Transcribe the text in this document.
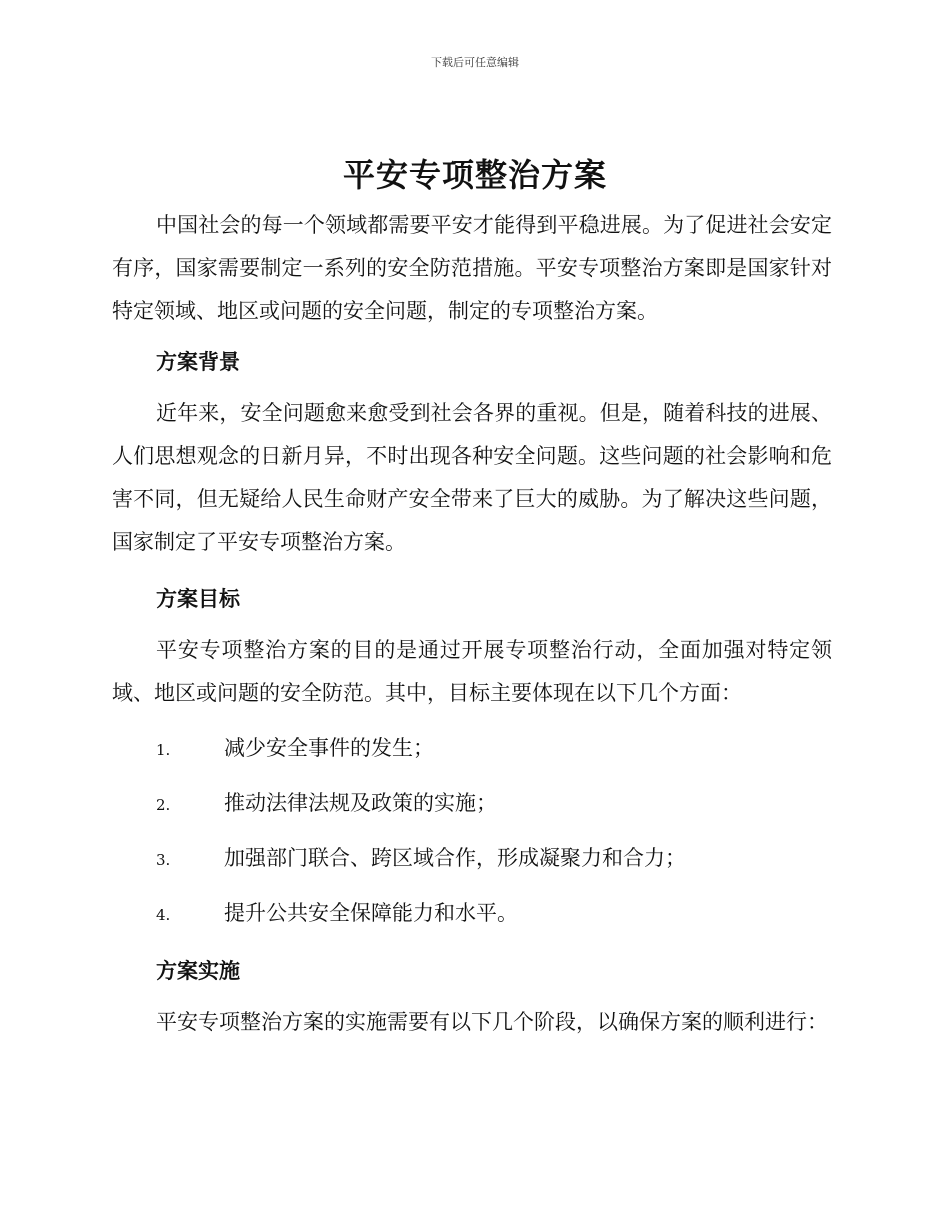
下载后可任意编辑
平安专项整治方案

中国社会的每一个领域都需要平安才能得到平稳进展。为了促进社会安定有序，国家需要制定一系列的安全防范措施。平安专项整治方案即是国家针对特定领域、地区或问题的安全问题，制定的专项整治方案。

方案背景

近年来，安全问题愈来愈受到社会各界的重视。但是，随着科技的进展、人们思想观念的日新月异，不时出现各种安全问题。这些问题的社会影响和危害不同，但无疑给人民生命财产安全带来了巨大的威胁。为了解决这些问题，国家制定了平安专项整治方案。

方案目标

平安专项整治方案的目的是通过开展专项整治行动，全面加强对特定领域、地区或问题的安全防范。其中，目标主要体现在以下几个方面：

1.	减少安全事件的发生；
2.	推动法律法规及政策的实施；
3.	加强部门联合、跨区域合作，形成凝聚力和合力；
4.	提升公共安全保障能力和水平。
方案实施

平安专项整治方案的实施需要有以下几个阶段，以确保方案的顺利进行：
